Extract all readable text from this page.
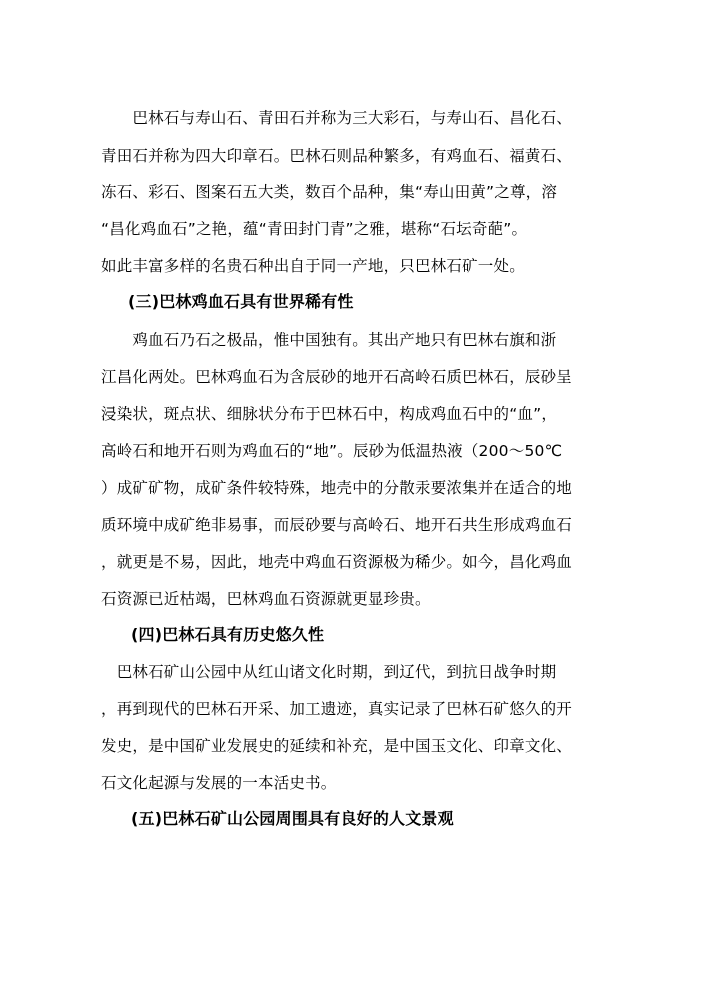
　　巴林石与寿山石、青田石并称为三大彩石，与寿山石、昌化石、
青田石并称为四大印章石。巴林石则品种繁多，有鸡血石、福黄石、
冻石、彩石、图案石五大类，数百个品种，集“寿山田黄”之尊，溶
“昌化鸡血石”之艳，蕴“青田封门青”之雅，堪称“石坛奇葩”。
如此丰富多样的名贵石种出自于同一产地，只巴林石矿一处。
(三)巴林鸡血石具有世界稀有性
　　鸡血石乃石之极品，惟中国独有。其出产地只有巴林右旗和浙
江昌化两处。巴林鸡血石为含辰砂的地开石高岭石质巴林石，辰砂呈
浸染状，斑点状、细脉状分布于巴林石中，构成鸡血石中的“血”，
高岭石和地开石则为鸡血石的“地”。辰砂为低温热液（200～50℃
）成矿矿物，成矿条件较特殊，地壳中的分散汞要浓集并在适合的地
质环境中成矿绝非易事，而辰砂要与高岭石、地开石共生形成鸡血石
，就更是不易，因此，地壳中鸡血石资源极为稀少。如今，昌化鸡血
石资源已近枯竭，巴林鸡血石资源就更显珍贵。
(四)巴林石具有历史悠久性
　巴林石矿山公园中从红山诸文化时期，到辽代，到抗日战争时期
，再到现代的巴林石开采、加工遗迹，真实记录了巴林石矿悠久的开
发史，是中国矿业发展史的延续和补充，是中国玉文化、印章文化、
石文化起源与发展的一本活史书。
(五)巴林石矿山公园周围具有良好的人文景观
